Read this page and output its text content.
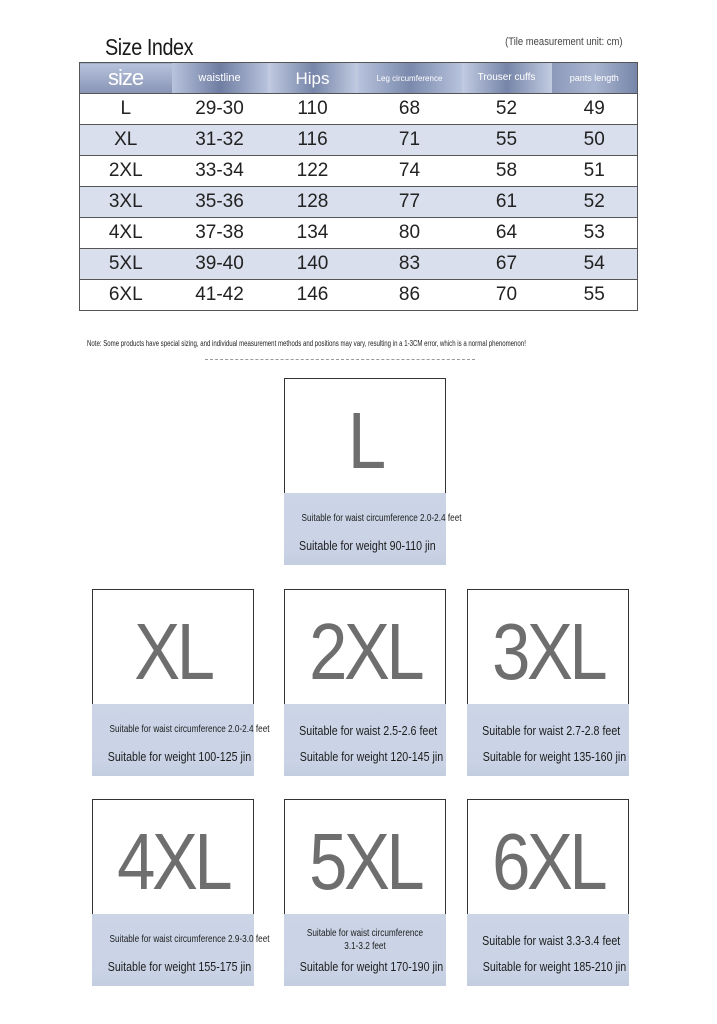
Size Index	(Tile measurement unit: cm)
size	waistline	Hips	Leg circumference	Trouser cuffs	pants length
L	29-30	110	68	52	49
XL	31-32	116	71	55	50
2XL	33-34	122	74	58	51
3XL	35-36	128	77	61	52
4XL	37-38	134	80	64	53
5XL	39-40	140	83	67	54
6XL	41-42	146	86	70	55
Note: Some products have special sizing, and individual measurement methods and positions may vary, resulting in a 1-3CM error, which is a normal phenomenon!
L
Suitable for waist circumference 2.0-2.4 feet
Suitable for weight 90-110 jin
XL
Suitable for waist circumference 2.0-2.4 feet
Suitable for weight 100-125 jin
2XL
Suitable for waist 2.5-2.6 feet
Suitable for weight 120-145 jin
3XL
Suitable for waist 2.7-2.8 feet
Suitable for weight 135-160 jin
4XL
Suitable for waist circumference 2.9-3.0 feet
Suitable for weight 155-175 jin
5XL
Suitable for waist circumference 3.1-3.2 feet
Suitable for weight 170-190 jin
6XL
Suitable for waist 3.3-3.4 feet
Suitable for weight 185-210 jin
